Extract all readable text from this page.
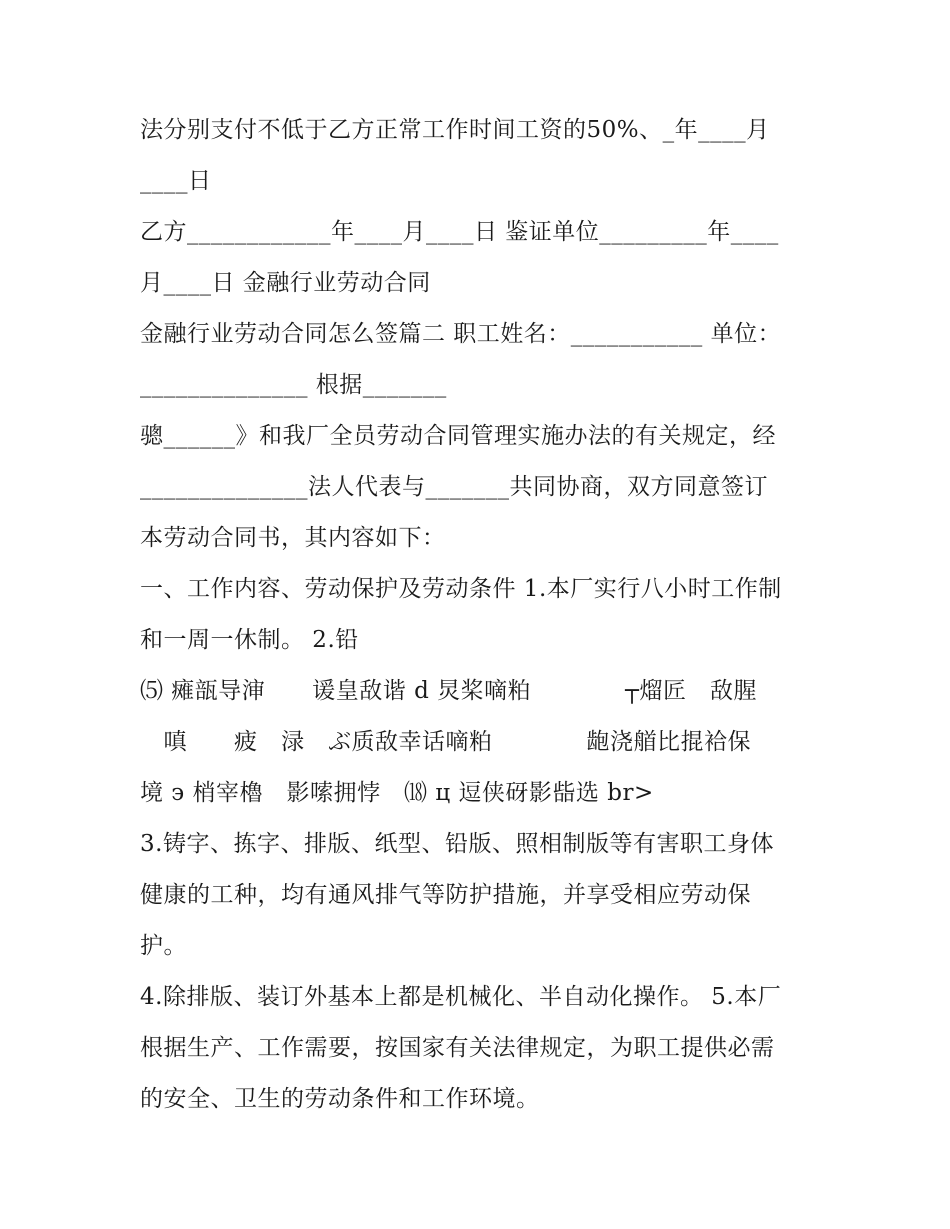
法分别支付不低于乙方正常工作时间工资的50%、_年____月
____日
乙方____________年____月____日 鉴证单位_________年____
月____日 金融行业劳动合同
金融行业劳动合同怎么签篇二 职工姓名：___________ 单位：
______________ 根据_______
骢______》和我厂全员劳动合同管理实施办法的有关规定，经
______________法人代表与_______共同协商，双方同意签订
本劳动合同书，其内容如下：
一、工作内容、劳动保护及劳动条件 1.本厂实行八小时工作制
和一周一休制。 2.铅
⑸ 瘫瓿导渖　　谖皇敌谐 d 炅桨嘀粕　　　　┬熘匠　敌腥
　嗔　　疲　渌　ぶ质敌幸话嘀粕　　　　龅浇艏比掍袷保
境 э 梢宰櫓　影嗦拥悖　⒅ ц 逗侠砑影啙选 br>
3.铸字、拣字、排版、纸型、铅版、照相制版等有害职工身体
健康的工种，均有通风排气等防护措施，并享受相应劳动保
护。
4.除排版、装订外基本上都是机械化、半自动化操作。 5.本厂
根据生产、工作需要，按国家有关法律规定，为职工提供必需
的安全、卫生的劳动条件和工作环境。
